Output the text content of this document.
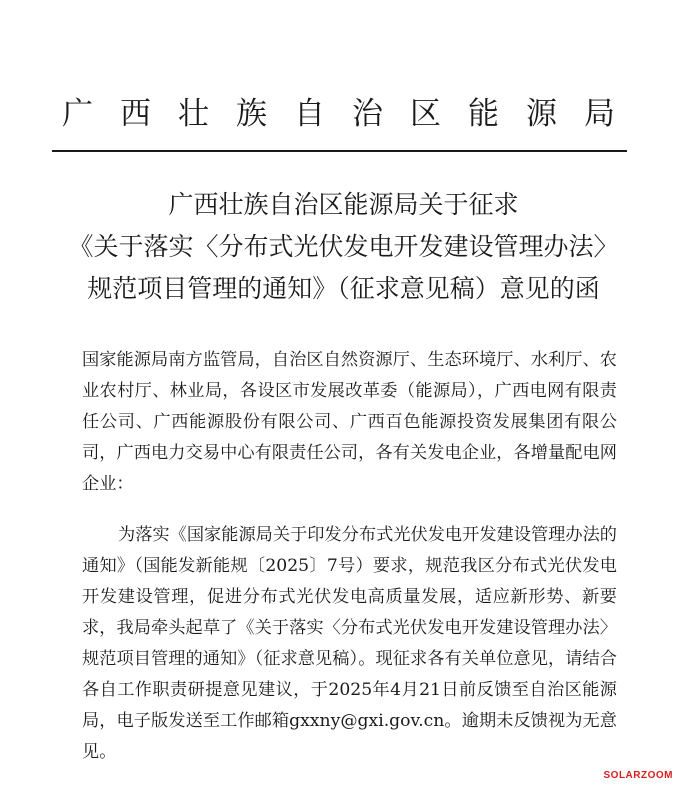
广 西 壮 族 自 治 区 能 源 局
广西壮族自治区能源局关于征求
《关于落实〈分布式光伏发电开发建设管理办法〉
规范项目管理的通知》（征求意见稿）意见的函
国家能源局南方监管局，自治区自然资源厅、生态环境厅、水利厅、农业农村厅、林业局，各设区市发展改革委（能源局），广西电网有限责任公司、广西能源股份有限公司、广西百色能源投资发展集团有限公司，广西电力交易中心有限责任公司，各有关发电企业，各增量配电网企业：
为落实《国家能源局关于印发分布式光伏发电开发建设管理办法的通知》（国能发新能规〔2025〕7号）要求，规范我区分布式光伏发电开发建设管理，促进分布式光伏发电高质量发展，适应新形势、新要求，我局牵头起草了《关于落实〈分布式光伏发电开发建设管理办法〉规范项目管理的通知》（征求意见稿）。现征求各有关单位意见，请结合各自工作职责研提意见建议，于2025年4月21日前反馈至自治区能源局，电子版发送至工作邮箱gxxny@gxi.gov.cn。逾期未反馈视为无意见。
SOLARZOOM
